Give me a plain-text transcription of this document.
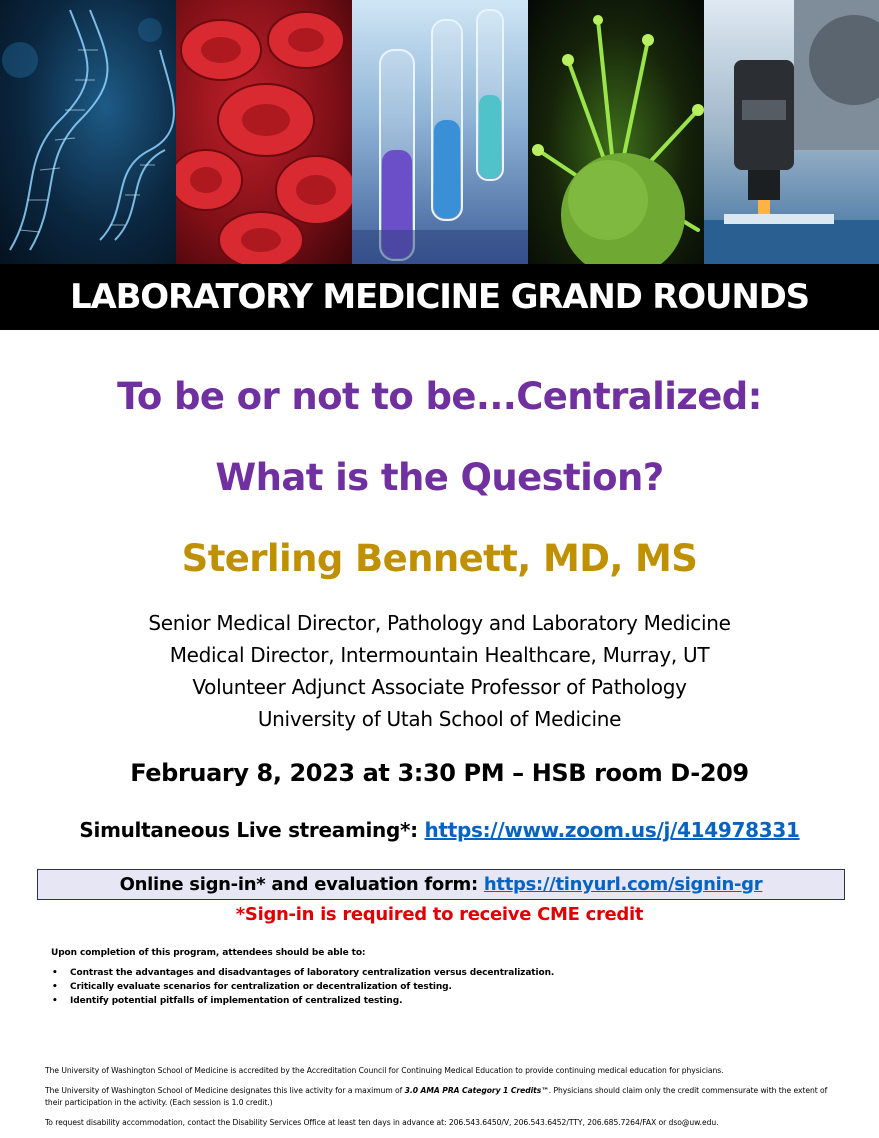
LABORATORY MEDICINE GRAND ROUNDS
To be or not to be...Centralized:
What is the Question?
Sterling Bennett, MD, MS
Senior Medical Director, Pathology and Laboratory Medicine
Medical Director, Intermountain Healthcare, Murray, UT
Volunteer Adjunct Associate Professor of Pathology
University of Utah School of Medicine
February 8, 2023 at 3:30 PM – HSB room D-209
Simultaneous Live streaming*: https://www.zoom.us/j/414978331
Online sign-in* and evaluation form:
https://tinyurl.com/signin-gr
*Sign-in is required to receive CME credit
Upon completion of this program, attendees should be able to:
•	Contrast the advantages and disadvantages of laboratory centralization versus decentralization.
•	Critically evaluate scenarios for centralization or decentralization of testing.
•	Identify potential pitfalls of implementation of centralized testing.
The University of Washington School of Medicine is accredited by the Accreditation Council for Continuing Medical Education to provide continuing medical education for physicians.
The University of Washington School of Medicine designates this live activity for a maximum of 3.0 AMA PRA Category 1 Credits™. Physicians should claim only the credit commensurate with the extent of their participation in the activity. (Each session is 1.0 credit.)
To request disability accommodation, contact the Disability Services Office at least ten days in advance at: 206.543.6450/V, 206.543.6452/TTY, 206.685.7264/FAX or dso@uw.edu.
